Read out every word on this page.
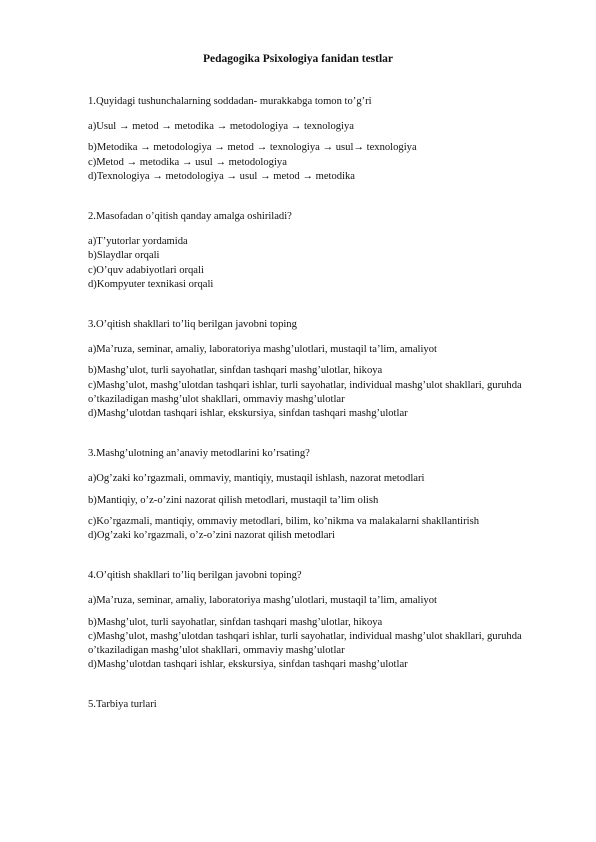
Pedagogika Psixologiya fanidan testlar

1.Quyidagi tushunchalarning soddadan- murakkabga tomon to’g’ri

a)Usul → metod → metodika → metodologiya → texnologiya

b)Metodika → metodologiya → metod → texnologiya → usul→ texnologiya

c)Metod → metodika → usul → metodologiya

d)Texnologiya → metodologiya → usul → metod → metodika

2.Masofadan o’qitish qanday amalga oshiriladi?

a)T’yutorlar yordamida

b)Slaydlar orqali

c)O’quv adabiyotlari orqali

d)Kompyuter texnikasi orqali

3.O’qitish shakllari to’liq berilgan javobni toping

a)Ma’ruza, seminar, amaliy, laboratoriya mashg’ulotlari, mustaqil ta’lim, amaliyot

b)Mashg’ulot, turli sayohatlar, sinfdan tashqari mashg’ulotlar, hikoya

c)Mashg’ulot, mashg’ulotdan tashqari ishlar, turli sayohatlar, individual mashg’ulot shakllari, guruhda o’tkaziladigan mashg’ulot shakllari, ommaviy mashg’ulotlar

d)Mashg’ulotdan tashqari ishlar, ekskursiya, sinfdan tashqari mashg’ulotlar

3.Mashg’ulotning an’anaviy metodlarini ko’rsating?

a)Og’zaki ko’rgazmali, ommaviy, mantiqiy, mustaqil ishlash, nazorat metodlari

b)Mantiqiy, o’z-o’zini nazorat qilish metodlari, mustaqil ta’lim olish

c)Ko’rgazmali, mantiqiy, ommaviy metodlari, bilim, ko’nikma va malakalarni shakllantirish

d)Og’zaki ko’rgazmali, o’z-o’zini nazorat qilish metodlari

4.O’qitish shakllari to’liq berilgan javobni toping?

a)Ma’ruza, seminar, amaliy, laboratoriya mashg’ulotlari, mustaqil ta’lim, amaliyot

b)Mashg’ulot, turli sayohatlar, sinfdan tashqari mashg’ulotlar, hikoya

c)Mashg’ulot, mashg’ulotdan tashqari ishlar, turli sayohatlar, individual mashg’ulot shakllari, guruhda o’tkaziladigan mashg’ulot shakllari, ommaviy mashg’ulotlar

d)Mashg’ulotdan tashqari ishlar, ekskursiya, sinfdan tashqari mashg’ulotlar

5.Tarbiya turlari
